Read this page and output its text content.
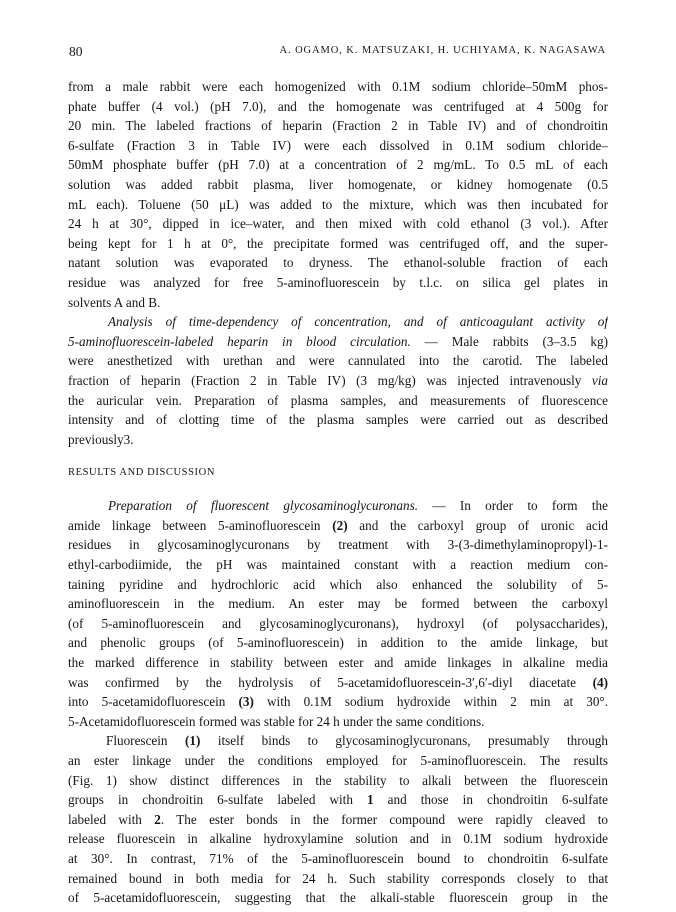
80	A. OGAMO, K. MATSUZAKI, H. UCHIYAMA, K. NAGASAWA
from a male rabbit were each homogenized with 0.1M sodium chloride–50mM phos-
phate buffer (4 vol.) (pH 7.0), and the homogenate was centrifuged at 4 500g for
20 min. The labeled fractions of heparin (Fraction 2 in Table IV) and of chondroitin
6-sulfate (Fraction 3 in Table IV) were each dissolved in 0.1M sodium chloride–
50mM phosphate buffer (pH 7.0) at a concentration of 2 mg/mL. To 0.5 mL of each
solution was added rabbit plasma, liver homogenate, or kidney homogenate (0.5
mL each). Toluene (50 μL) was added to the mixture, which was then incubated for
24 h at 30°, dipped in ice–water, and then mixed with cold ethanol (3 vol.). After
being kept for 1 h at 0°, the precipitate formed was centrifuged off, and the super-
natant solution was evaporated to dryness. The ethanol-soluble fraction of each
residue was analyzed for free 5-aminofluorescein by t.l.c. on silica gel plates in
solvents A and B.
Analysis of time-dependency of concentration, and of anticoagulant activity of
5-aminofluorescein-labeled heparin in blood circulation. — Male rabbits (3–3.5 kg)
were anesthetized with urethan and were cannulated into the carotid. The labeled
fraction of heparin (Fraction 2 in Table IV) (3 mg/kg) was injected intravenously via
the auricular vein. Preparation of plasma samples, and measurements of fluorescence
intensity and of clotting time of the plasma samples were carried out as described
previously3.
RESULTS AND DISCUSSION
Preparation of fluorescent glycosaminoglycuronans. — In order to form the
amide linkage between 5-aminofluorescein (2) and the carboxyl group of uronic acid
residues in glycosaminoglycuronans by treatment with 3-(3-dimethylaminopropyl)-1-
ethyl-carbodiimide, the pH was maintained constant with a reaction medium con-
taining pyridine and hydrochloric acid which also enhanced the solubility of 5-
aminofluorescein in the medium. An ester may be formed between the carboxyl
(of 5-aminofluorescein and glycosaminoglycuronans), hydroxyl (of polysaccharides),
and phenolic groups (of 5-aminofluorescein) in addition to the amide linkage, but
the marked difference in stability between ester and amide linkages in alkaline media
was confirmed by the hydrolysis of 5-acetamidofluorescein-3′,6′-diyl diacetate (4)
into 5-acetamidofluorescein (3) with 0.1M sodium hydroxide within 2 min at 30°.
5-Acetamidofluorescein formed was stable for 24 h under the same conditions.
Fluorescein (1) itself binds to glycosaminoglycuronans, presumably through
an ester linkage under the conditions employed for 5-aminofluorescein. The results
(Fig. 1) show distinct differences in the stability to alkali between the fluorescein
groups in chondroitin 6-sulfate labeled with 1 and those in chondroitin 6-sulfate
labeled with 2. The ester bonds in the former compound were rapidly cleaved to
release fluorescein in alkaline hydroxylamine solution and in 0.1M sodium hydroxide
at 30°. In contrast, 71% of the 5-aminofluorescein bound to chondroitin 6-sulfate
remained bound in both media for 24 h. Such stability corresponds closely to that
of 5-acetamidofluorescein, suggesting that the alkali-stable fluorescein group in the
